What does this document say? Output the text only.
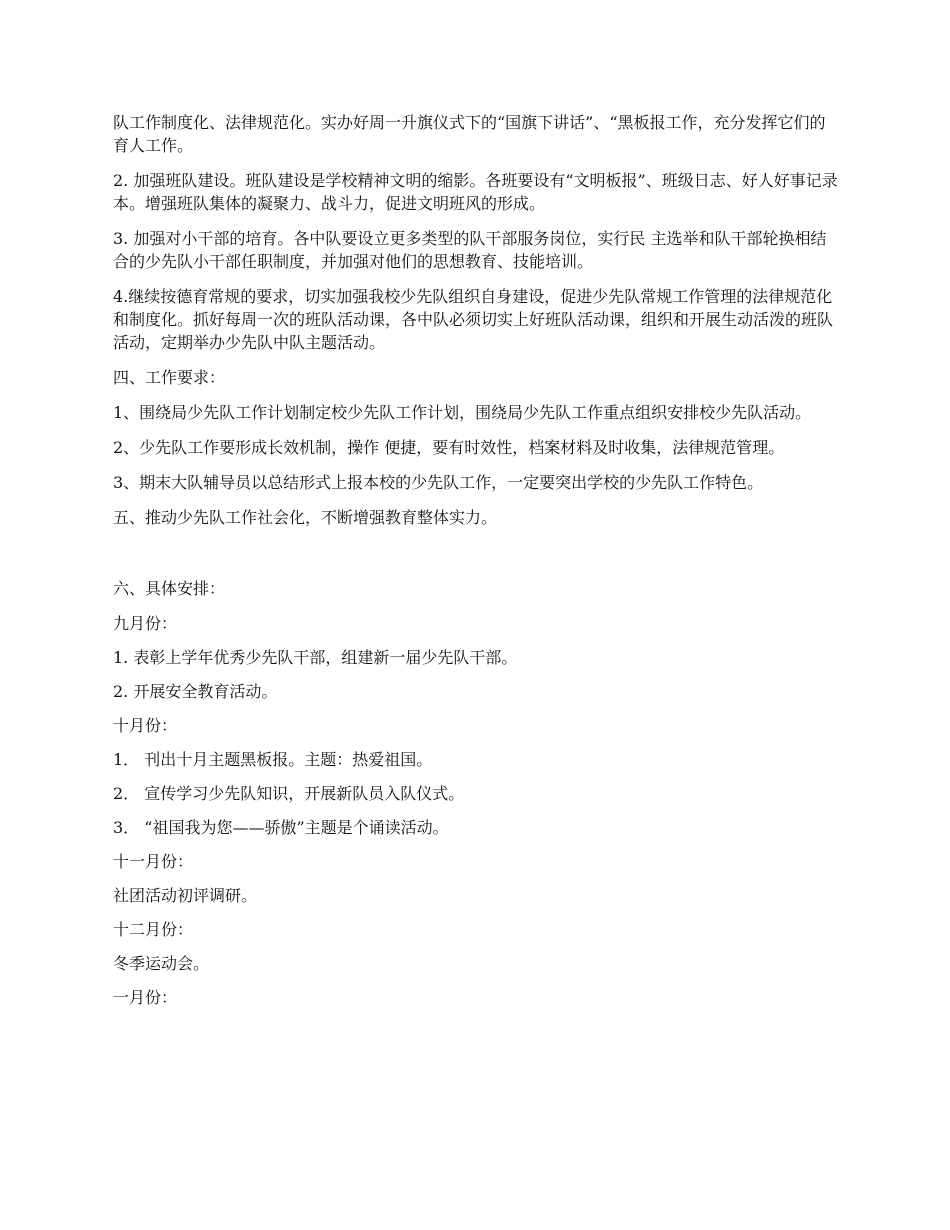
队工作制度化、法律规范化。实办好周一升旗仪式下的“国旗下讲话”、“黑板报工作，充分发挥它们的育人工作。

2. 加强班队建设。班队建设是学校精神文明的缩影。各班要设有“文明板报”、班级日志、好人好事记录本。增强班队集体的凝聚力、战斗力，促进文明班风的形成。

3. 加强对小干部的培育。各中队要设立更多类型的队干部服务岗位，实行民 主选举和队干部轮换相结合的少先队小干部任职制度，并加强对他们的思想教育、技能培训。

4.继续按德育常规的要求，切实加强我校少先队组织自身建设，促进少先队常规工作管理的法律规范化和制度化。抓好每周一次的班队活动课，各中队必须切实上好班队活动课，组织和开展生动活泼的班队活动，定期举办少先队中队主题活动。

四、工作要求：

1、围绕局少先队工作计划制定校少先队工作计划，围绕局少先队工作重点组织安排校少先队活动。

2、少先队工作要形成长效机制，操作 便捷，要有时效性，档案材料及时收集，法律规范管理。

3、期末大队辅导员以总结形式上报本校的少先队工作，一定要突出学校的少先队工作特色。

五、推动少先队工作社会化，不断增强教育整体实力。

六、具体安排：

九月份：

1. 表彰上学年优秀少先队干部，组建新一届少先队干部。

2. 开展安全教育活动。

十月份：

1． 刊出十月主题黑板报。主题：热爱祖国。

2． 宣传学习少先队知识，开展新队员入队仪式。

3． “祖国我为您——骄傲”主题是个诵读活动。

十一月份：

社团活动初评调研。

十二月份：

冬季运动会。

一月份：
